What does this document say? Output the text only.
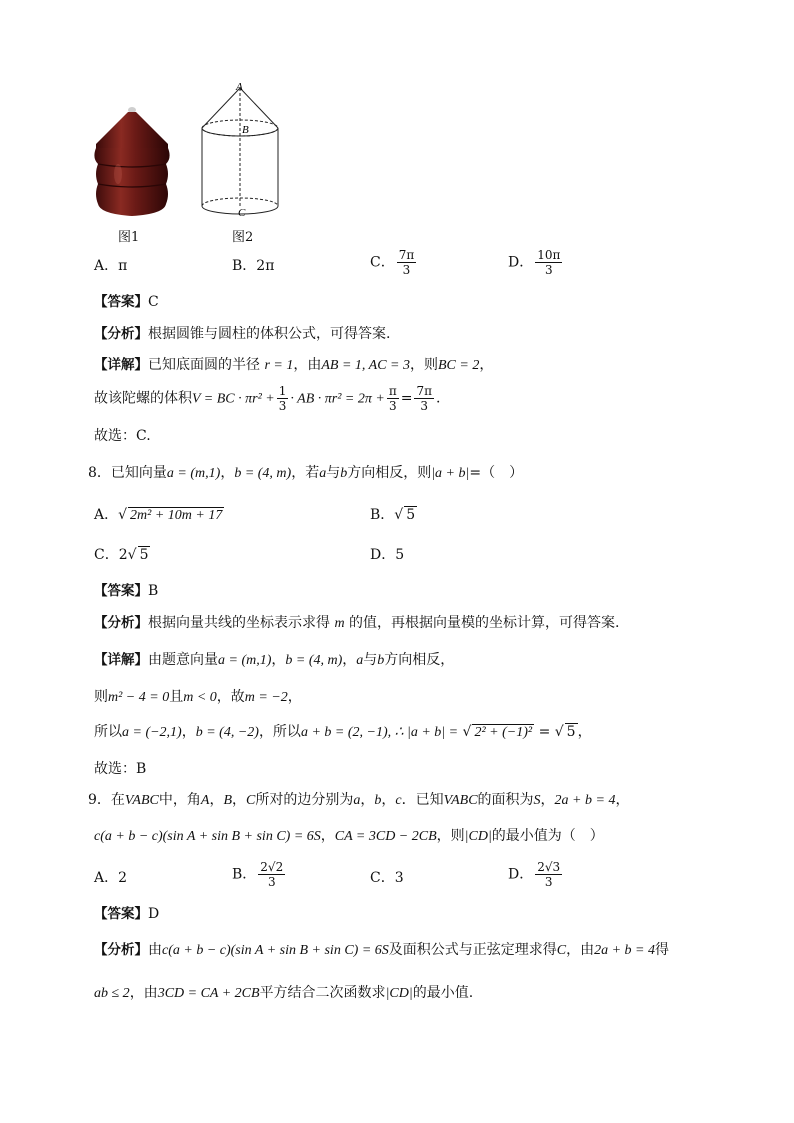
图1
A
B
C
图2
A．π	B．2π	C． $\frac{7\pi}{3}$	D． $\frac{10\pi}{3}$
【答案】C
【分析】根据圆锥与圆柱的体积公式，可得答案.
【详解】已知底面圆的半径 r = 1，由AB = 1, AC = 3，则BC = 2，
故该陀螺的体积V = BC · $\pi r^2 + \frac{1}{3}$ · AB · $\pi r^2 = 2\pi + \frac{\pi}{3} = \frac{7\pi}{3}$ .
故选：C.
8．已知向量a = (m,1)，b = (4, m)，若a与b方向相反，则|a + b|=（　）
A．√ 2m² + 10m + 17	B．√ 5
C．2√ 5	D．5
【答案】B
【分析】根据向量共线的坐标表示求得 m 的值，再根据向量模的坐标计算，可得答案.
【详解】由题意向量a = (m,1)，b = (4, m)，a与b方向相反，
则m² − 4 = 0且m < 0，故m = −2，
所以a = (−2,1)，b = (4, −2)，所以a + b = (2, −1), ∴ |a + b| = √ 2² + (−1)² = √ 5 ，
故选：B
9．在VABC中，角A，B，C所对的边分别为a，b，c．已知VABC的面积为S，2a + b = 4，
c(a + b − c)(sin A + sin B + sin C) = 6S，CA = 3CD − 2CB，则|CD|的最小值为（　）
A．2	B． $\frac{2√2}{3}$	C．3	D． $\frac{2√3}{3}$
【答案】D
【分析】由c(a + b − c)(sin A + sin B + sin C) = 6S及面积公式与正弦定理求得C，由2a + b = 4得
ab ≤ 2，由3CD = CA + 2CB平方结合二次函数求|CD|的最小值.
